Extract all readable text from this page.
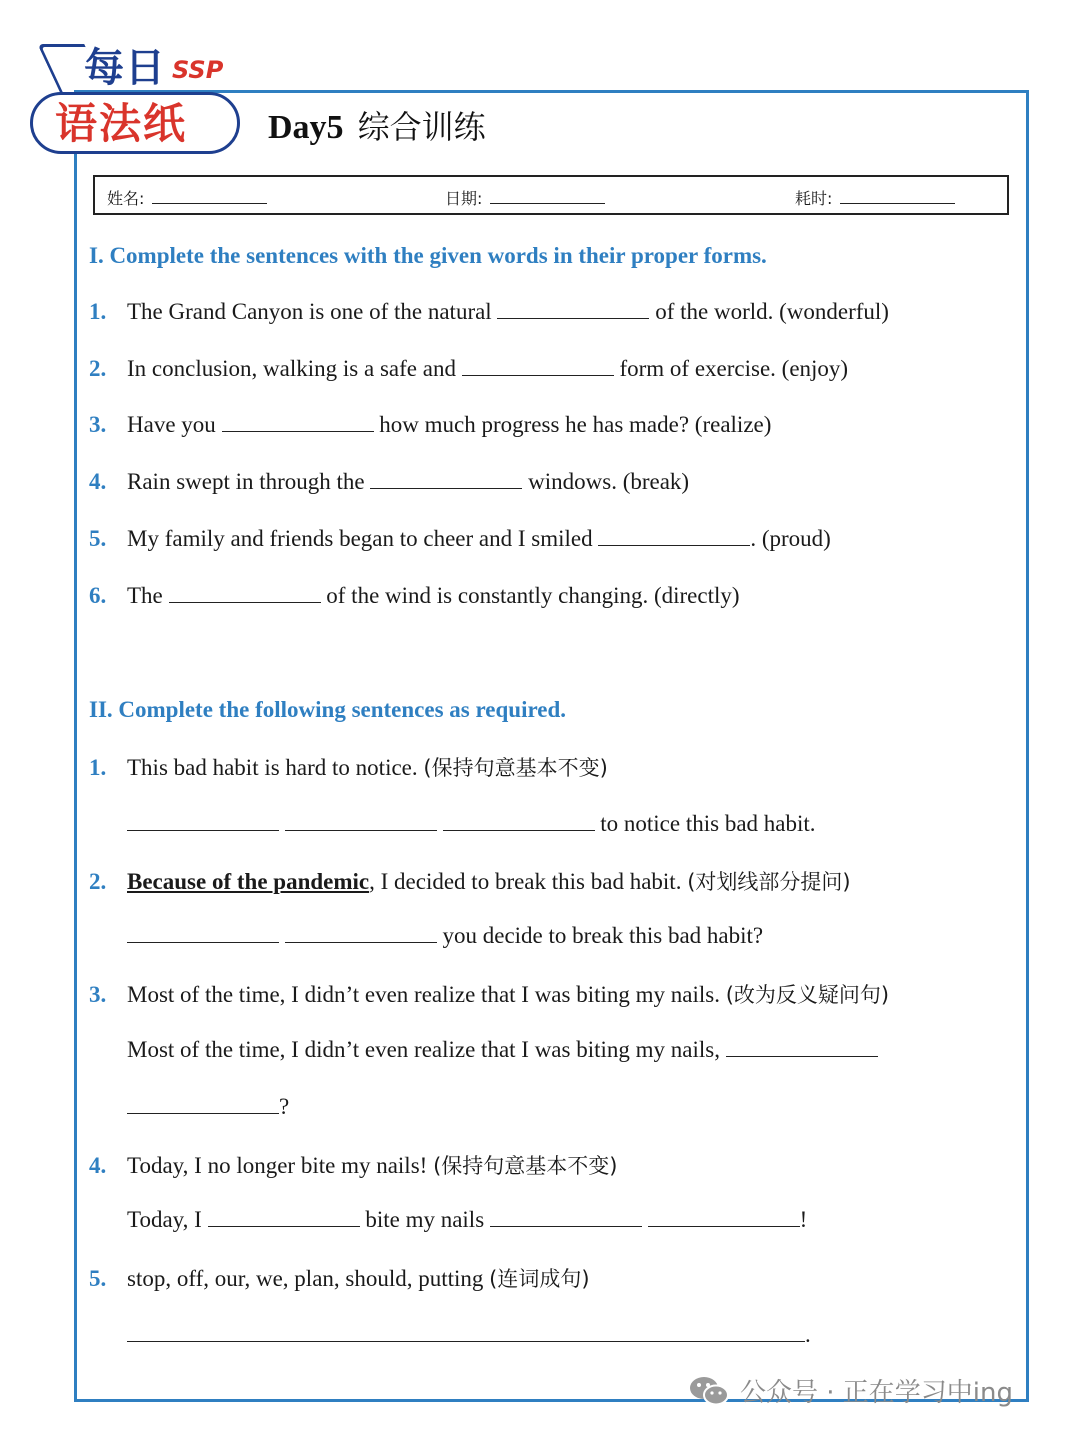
每日 SSP
语法纸 Day5 综合训练
姓名:	日期:	耗时:
I. Complete the sentences with the given words in their proper forms.
1. The Grand Canyon is one of the natural	of the world. (wonderful)
2. In conclusion, walking is a safe and	form of exercise. (enjoy)
3. Have you	how much progress he has made? (realize)
4. Rain swept in through the	windows. (break)
5. My family and friends began to cheer and I smiled	. (proud)
6. The	of the wind is constantly changing. (directly)
II. Complete the following sentences as required.
1. This bad habit is hard to notice. (保持句意基本不变)
to notice this bad habit.
2. Because of the pandemic, I decided to break this bad habit. (对划线部分提问)
you decide to break this bad habit?
3. Most of the time, I didn’t even realize that I was biting my nails. (改为反义疑问句)
Most of the time, I didn’t even realize that I was biting my nails,
?
4. Today, I no longer bite my nails! (保持句意基本不变)
Today, I	bite my nails	!
5. stop, off, our, we, plan, should, putting (连词成句)
.
公众号 · 正在学习中ing
